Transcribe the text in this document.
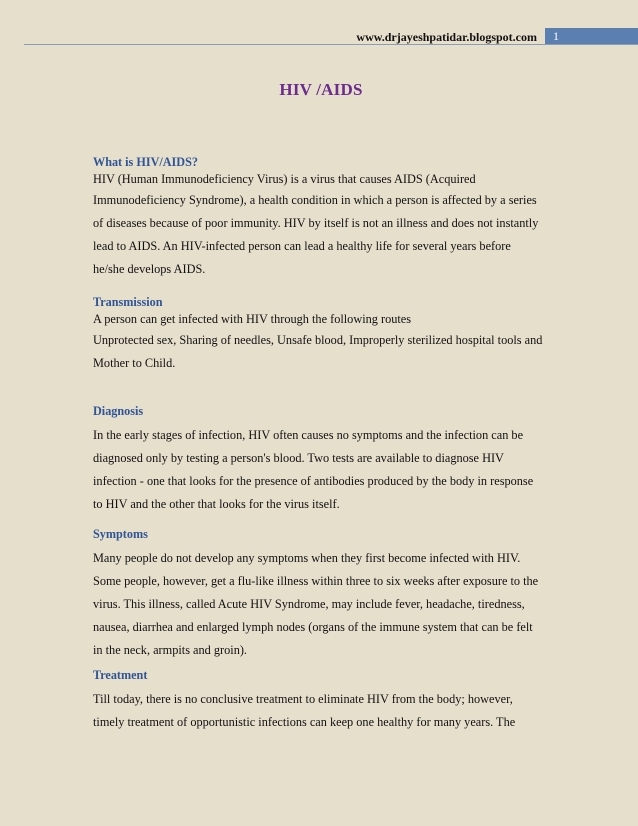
www.drjayeshpatidar.blogspot.com	1
HIV /AIDS

What is HIV/AIDS?

HIV (Human Immunodeficiency Virus) is a virus that causes AIDS (Acquired
Immunodeficiency Syndrome), a health condition in which a person is affected by a series
of diseases because of poor immunity. HIV by itself is not an illness and does not instantly
lead to AIDS. An HIV-infected person can lead a healthy life for several years before
he/she develops AIDS.

Transmission

A person can get infected with HIV through the following routes
Unprotected sex, Sharing of needles, Unsafe blood, Improperly sterilized hospital tools and
Mother to Child.

Diagnosis

In the early stages of infection, HIV often causes no symptoms and the infection can be
diagnosed only by testing a person's blood. Two tests are available to diagnose HIV
infection - one that looks for the presence of antibodies produced by the body in response
to HIV and the other that looks for the virus itself.

Symptoms

Many people do not develop any symptoms when they first become infected with HIV.
Some people, however, get a flu-like illness within three to six weeks after exposure to the
virus. This illness, called Acute HIV Syndrome, may include fever, headache, tiredness,
nausea, diarrhea and enlarged lymph nodes (organs of the immune system that can be felt
in the neck, armpits and groin).

Treatment

Till today, there is no conclusive treatment to eliminate HIV from the body; however,
timely treatment of opportunistic infections can keep one healthy for many years. The
